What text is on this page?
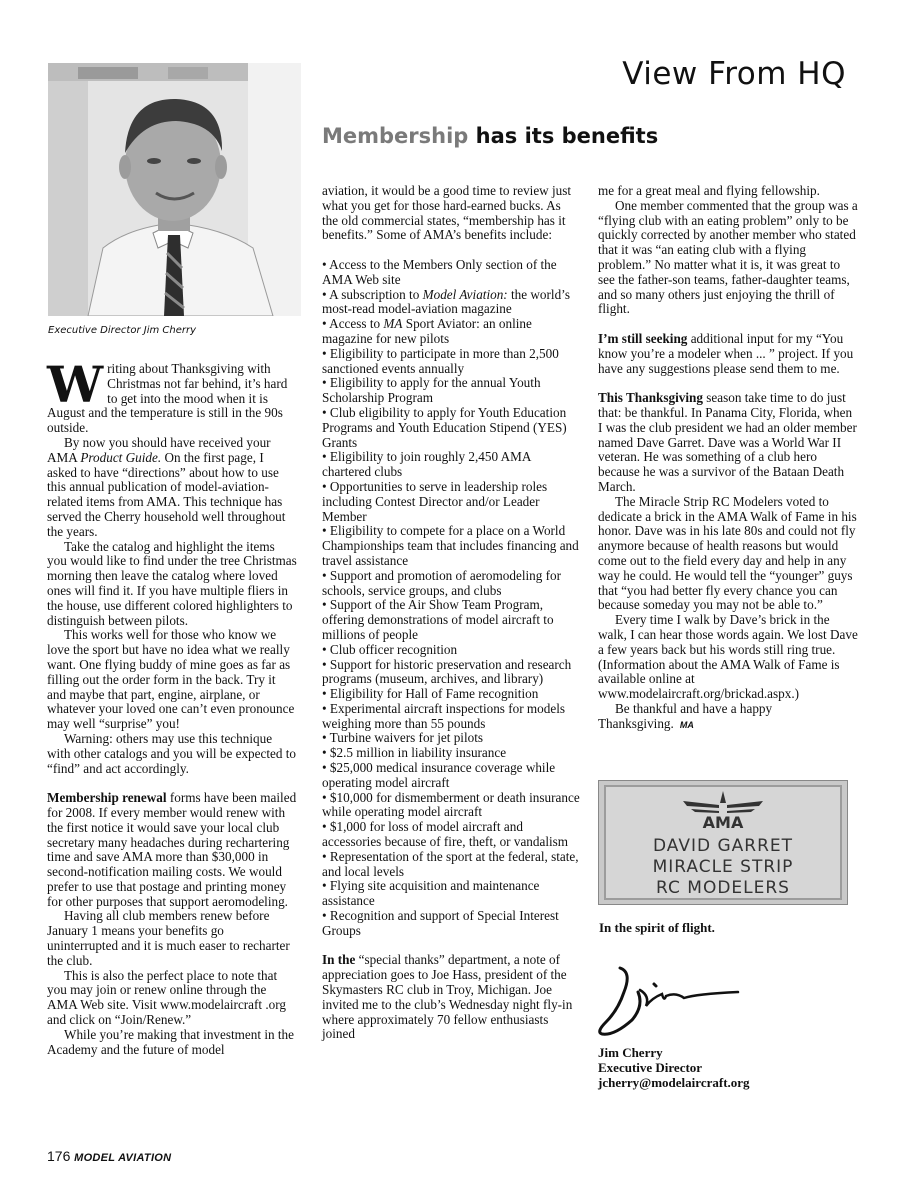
View From HQ
Membership has its benefits
Executive Director Jim Cherry

Writing about Thanksgiving with Christmas not far behind, it’s hard to get into the mood when it is August and the temperature is still in the 90s outside.

By now you should have received your AMA Product Guide. On the first page, I asked to have “directions” about how to use this annual publication of model-aviation-related items from AMA. This technique has served the Cherry household well throughout the years.

Take the catalog and highlight the items you would like to find under the tree Christmas morning then leave the catalog where loved ones will find it. If you have multiple fliers in the house, use different colored highlighters to distinguish between pilots.

This works well for those who know we love the sport but have no idea what we really want. One flying buddy of mine goes as far as filling out the order form in the back. Try it and maybe that part, engine, airplane, or whatever your loved one can’t even pronounce may well “surprise” you!

Warning: others may use this technique with other catalogs and you will be expected to “find” and act accordingly.

Membership renewal forms have been mailed for 2008. If every member would renew with the first notice it would save your local club secretary many headaches during rechartering time and save AMA more than $30,000 in second-notification mailing costs. We would prefer to use that postage and printing money for other purposes that support aeromodeling.

Having all club members renew before January 1 means your benefits go uninterrupted and it is much easer to recharter the club.

This is also the perfect place to note that you may join or renew online through the AMA Web site. Visit www.modelaircraft .org and click on “Join/Renew.”

While you’re making that investment in the Academy and the future of model

aviation, it would be a good time to review just what you get for those hard-earned bucks. As the old commercial states, “membership has it benefits.” Some of AMA’s benefits include:

• Access to the Members Only section of the AMA Web site

• A subscription to Model Aviation: the world’s most-read model-aviation magazine

• Access to MA Sport Aviator: an online magazine for new pilots

• Eligibility to participate in more than 2,500 sanctioned events annually

• Eligibility to apply for the annual Youth Scholarship Program

• Club eligibility to apply for Youth Education Programs and Youth Education Stipend (YES) Grants

• Eligibility to join roughly 2,450 AMA chartered clubs

• Opportunities to serve in leadership roles including Contest Director and/or Leader Member

• Eligibility to compete for a place on a World Championships team that includes financing and travel assistance

• Support and promotion of aeromodeling for schools, service groups, and clubs

• Support of the Air Show Team Program, offering demonstrations of model aircraft to millions of people

• Club officer recognition

• Support for historic preservation and research programs (museum, archives, and library)

• Eligibility for Hall of Fame recognition

• Experimental aircraft inspections for models weighing more than 55 pounds

• Turbine waivers for jet pilots

• $2.5 million in liability insurance

• $25,000 medical insurance coverage while operating model aircraft

• $10,000 for dismemberment or death insurance while operating model aircraft

• $1,000 for loss of model aircraft and accessories because of fire, theft, or vandalism

• Representation of the sport at the federal, state, and local levels

• Flying site acquisition and maintenance assistance

• Recognition and support of Special Interest Groups

In the “special thanks” department, a note of appreciation goes to Joe Hass, president of the Skymasters RC club in Troy, Michigan. Joe invited me to the club’s Wednesday night fly-in where approximately 70 fellow enthusiasts joined

me for a great meal and flying fellowship.

One member commented that the group was a “flying club with an eating problem” only to be quickly corrected by another member who stated that it was “an eating club with a flying problem.” No matter what it is, it was great to see the father-son teams, father-daughter teams, and so many others just enjoying the thrill of flight.

I’m still seeking additional input for my “You know you’re a modeler when ... ” project. If you have any suggestions please send them to me.

This Thanksgiving season take time to do just that: be thankful. In Panama City, Florida, when I was the club president we had an older member named Dave Garret. Dave was a World War II veteran. He was something of a club hero because he was a survivor of the Bataan Death March.

The Miracle Strip RC Modelers voted to dedicate a brick in the AMA Walk of Fame in his honor. Dave was in his late 80s and could not fly anymore because of health reasons but would come out to the field every day and help in any way he could. He would tell the “younger” guys that “you had better fly every chance you can because someday you may not be able to.”

Every time I walk by Dave’s brick in the walk, I can hear those words again. We lost Dave a few years back but his words still ring true. (Information about the AMA Walk of Fame is available online at www.modelaircraft.org/brickad.aspx.)

Be thankful and have a happy Thanksgiving. MA

AMA
DAVID GARRET
MIRACLE STRIP
RC MODELERS
In the spirit of flight.
Jim Cherry
Executive Director
jcherry@modelaircraft.org
176 MODEL AVIATION
